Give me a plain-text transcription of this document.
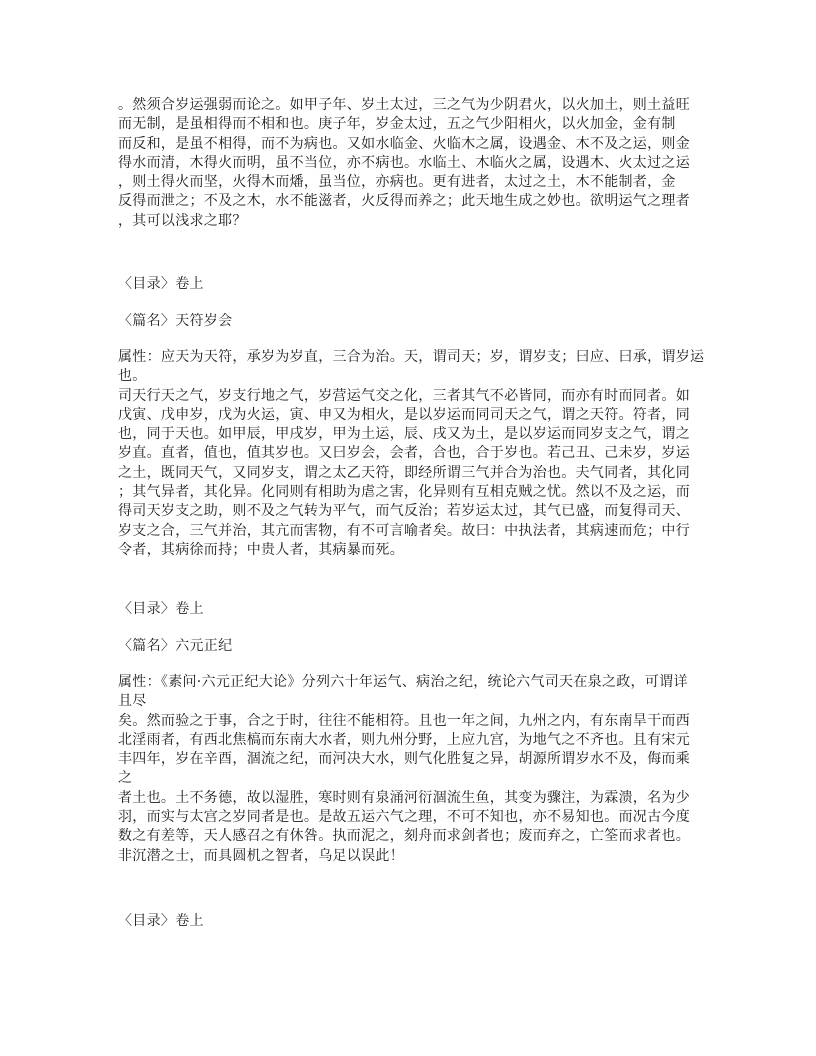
。然须合岁运强弱而论之。如甲子年、岁土太过，三之气为少阴君火，以火加土，则土益旺
而无制，是虽相得而不相和也。庚子年，岁金太过，五之气少阳相火，以火加金，金有制
而反和，是虽不相得，而不为病也。又如水临金、火临木之属，设遇金、木不及之运，则金
得水而清，木得火而明，虽不当位，亦不病也。水临土、木临火之属，设遇木、火太过之运
，则土得火而坚，火得木而燔，虽当位，亦病也。更有进者，太过之土，木不能制者，金
反得而泄之；不及之木，水不能滋者，火反得而养之；此天地生成之妙也。欲明运气之理者
，其可以浅求之耶？
〈目录〉卷上
〈篇名〉天符岁会
属性：应天为天符，承岁为岁直，三合为治。天，谓司天；岁，谓岁支；曰应、曰承，谓岁运
也。
司天行天之气，岁支行地之气，岁营运气交之化，三者其气不必皆同，而亦有时而同者。如
戊寅、戊申岁，戊为火运，寅、申又为相火，是以岁运而同司天之气，谓之天符。符者，同
也，同于天也。如甲辰，甲戌岁，甲为土运，辰、戌又为土，是以岁运而同岁支之气，谓之
岁直。直者，值也，值其岁也。又曰岁会，会者，合也，合于岁也。若己丑、己未岁，岁运
之土，既同天气，又同岁支，谓之太乙天符，即经所谓三气并合为治也。夫气同者，其化同
；其气异者，其化异。化同则有相助为虐之害，化异则有互相克贼之忧。然以不及之运，而
得司天岁支之助，则不及之气转为平气，而气反治；若岁运太过，其气已盛，而复得司天、
岁支之合，三气并治，其亢而害物，有不可言喻者矣。故曰：中执法者，其病速而危；中行
令者，其病徐而持；中贵人者，其病暴而死。
〈目录〉卷上
〈篇名〉六元正纪
属性：《素问·六元正纪大论》分列六十年运气、病治之纪，统论六气司天在泉之政，可谓详
且尽
矣。然而验之于事，合之于时，往往不能相符。且也一年之间，九州之内，有东南旱干而西
北淫雨者，有西北焦槁而东南大水者，则九州分野，上应九宫，为地气之不齐也。且有宋元
丰四年，岁在辛酉，涸流之纪，而河决大水，则气化胜复之异，胡源所谓岁水不及，侮而乘
之
者土也。土不务德，故以湿胜，寒时则有泉涌河衍涸流生鱼，其变为骤注，为霖溃，名为少
羽，而实与太宫之岁同者是也。是故五运六气之理，不可不知也，亦不易知也。而况古今度
数之有差等，天人感召之有休咎。执而泥之，刻舟而求剑者也；废而弃之，亡筌而求者也。
非沉潜之士，而具圆机之智者，乌足以误此！
〈目录〉卷上
